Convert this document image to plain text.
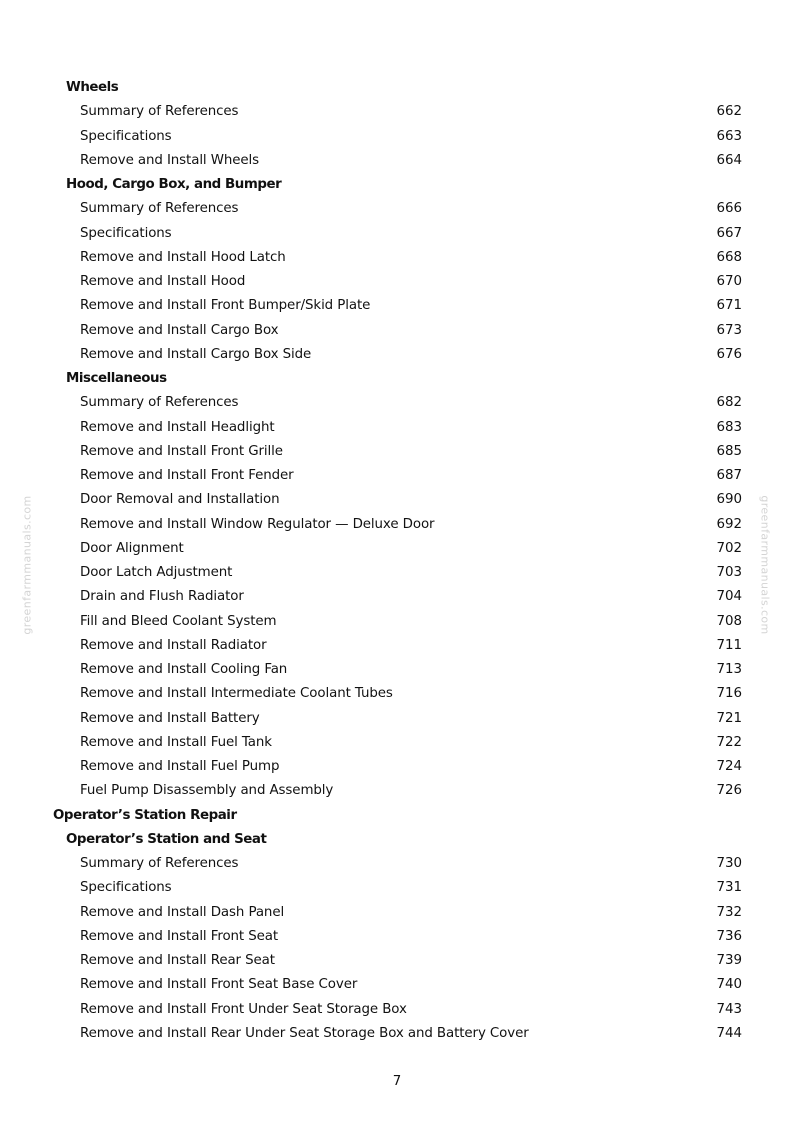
Wheels
Summary of References	662
Specifications	663
Remove and Install Wheels	664
Hood, Cargo Box, and Bumper
Summary of References	666
Specifications	667
Remove and Install Hood Latch	668
Remove and Install Hood	670
Remove and Install Front Bumper/Skid Plate	671
Remove and Install Cargo Box	673
Remove and Install Cargo Box Side	676
Miscellaneous
Summary of References	682
Remove and Install Headlight	683
Remove and Install Front Grille	685
Remove and Install Front Fender	687
Door Removal and Installation	690
Remove and Install Window Regulator — Deluxe Door	692
Door Alignment	702
Door Latch Adjustment	703
Drain and Flush Radiator	704
Fill and Bleed Coolant System	708
Remove and Install Radiator	711
Remove and Install Cooling Fan	713
Remove and Install Intermediate Coolant Tubes	716
Remove and Install Battery	721
Remove and Install Fuel Tank	722
Remove and Install Fuel Pump	724
Fuel Pump Disassembly and Assembly	726
Operator’s Station Repair
Operator’s Station and Seat
Summary of References	730
Specifications	731
Remove and Install Dash Panel	732
Remove and Install Front Seat	736
Remove and Install Rear Seat	739
Remove and Install Front Seat Base Cover	740
Remove and Install Front Under Seat Storage Box	743
Remove and Install Rear Under Seat Storage Box and Battery Cover	744
7
greenfarmmanuals.com	greenfarmmanuals.com
